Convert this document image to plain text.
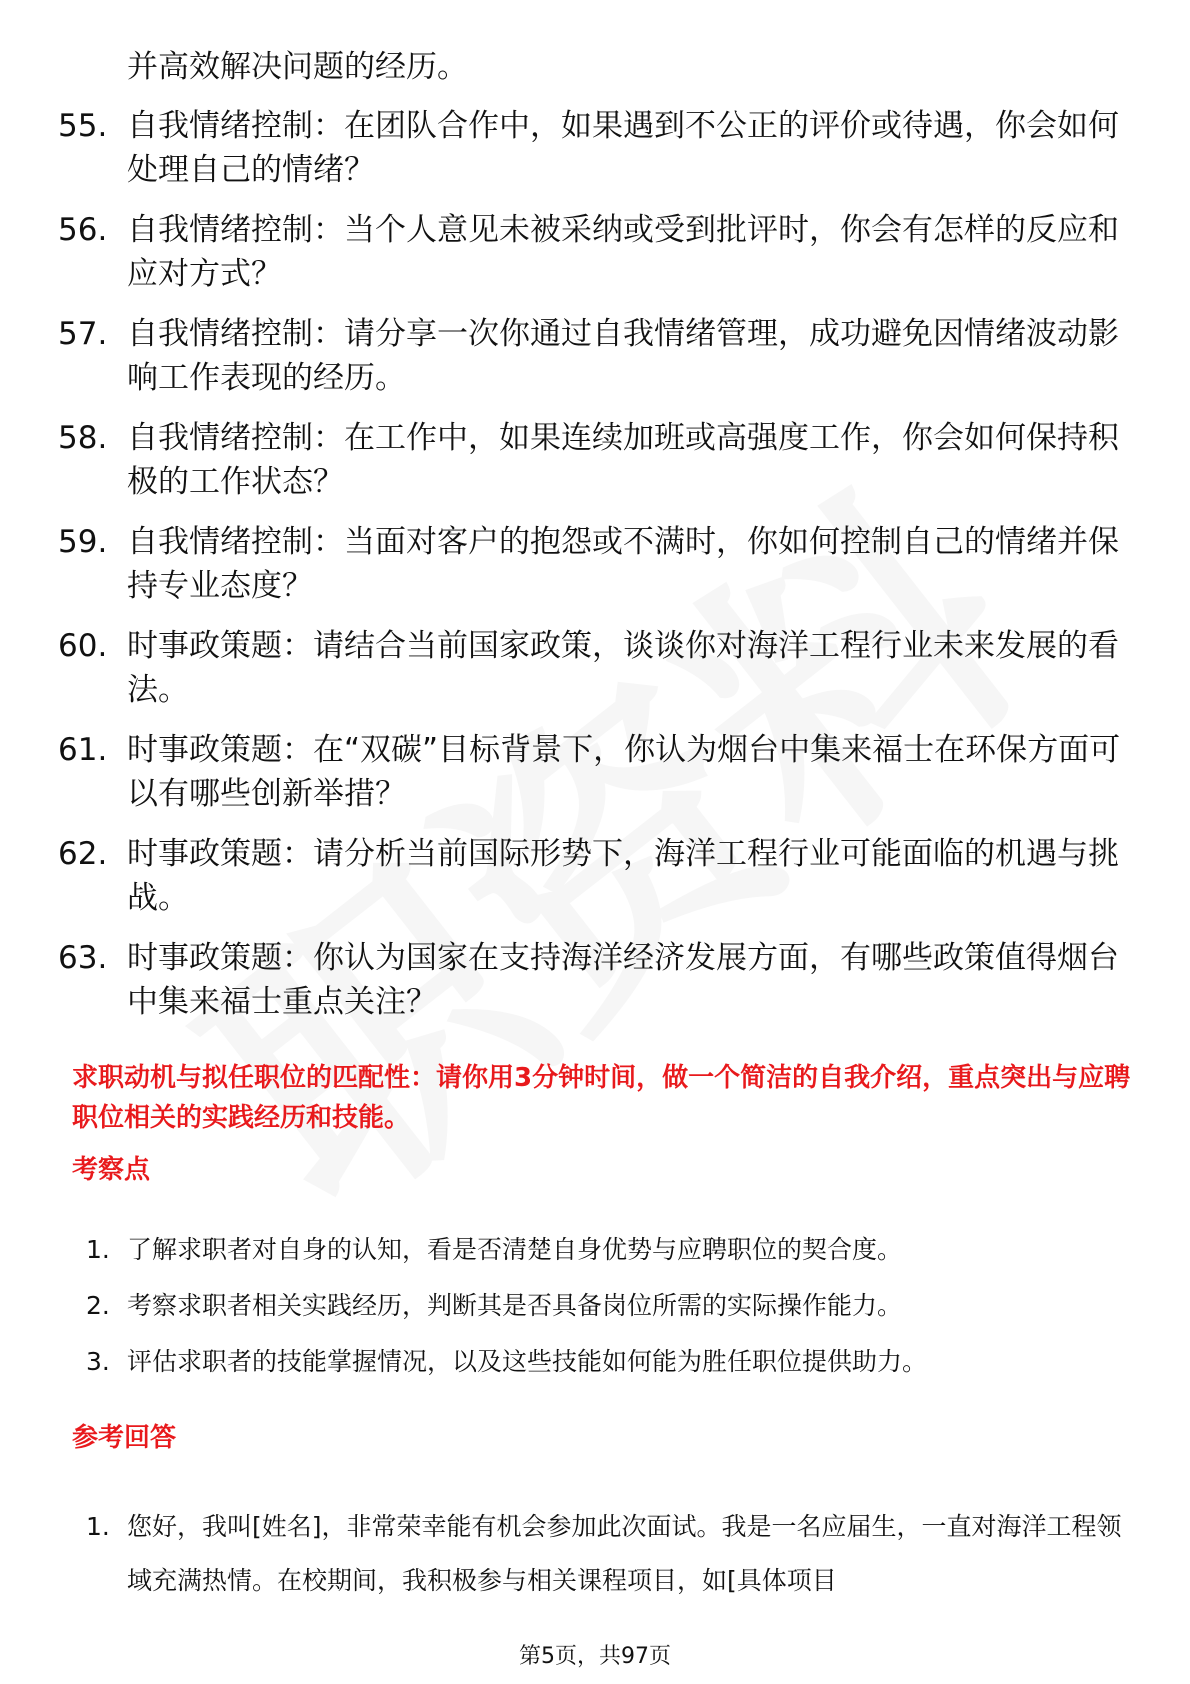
并高效解决问题的经历。
55. 自我情绪控制：在团队合作中，如果遇到不公正的评价或待遇，你会如何处理自己的情绪？
56. 自我情绪控制：当个人意见未被采纳或受到批评时，你会有怎样的反应和应对方式？
57. 自我情绪控制：请分享一次你通过自我情绪管理，成功避免因情绪波动影响工作表现的经历。
58. 自我情绪控制：在工作中，如果连续加班或高强度工作，你会如何保持积极的工作状态？
59. 自我情绪控制：当面对客户的抱怨或不满时，你如何控制自己的情绪并保持专业态度？
60. 时事政策题：请结合当前国家政策，谈谈你对海洋工程行业未来发展的看法。
61. 时事政策题：在“双碳”目标背景下，你认为烟台中集来福士在环保方面可以有哪些创新举措？
62. 时事政策题：请分析当前国际形势下，海洋工程行业可能面临的机遇与挑战。
63. 时事政策题：你认为国家在支持海洋经济发展方面，有哪些政策值得烟台中集来福士重点关注？
求职动机与拟任职位的匹配性：请你用3分钟时间，做一个简洁的自我介绍，重点突出与应聘职位相关的实践经历和技能。
考察点
1. 了解求职者对自身的认知，看是否清楚自身优势与应聘职位的契合度。
2. 考察求职者相关实践经历，判断其是否具备岗位所需的实际操作能力。
3. 评估求职者的技能掌握情况，以及这些技能如何能为胜任职位提供助力。
参考回答
1. 您好，我叫[姓名]，非常荣幸能有机会参加此次面试。我是一名应届生，一直对海洋工程领域充满热情。在校期间，我积极参与相关课程项目，如[具体项目
第5页，共97页
